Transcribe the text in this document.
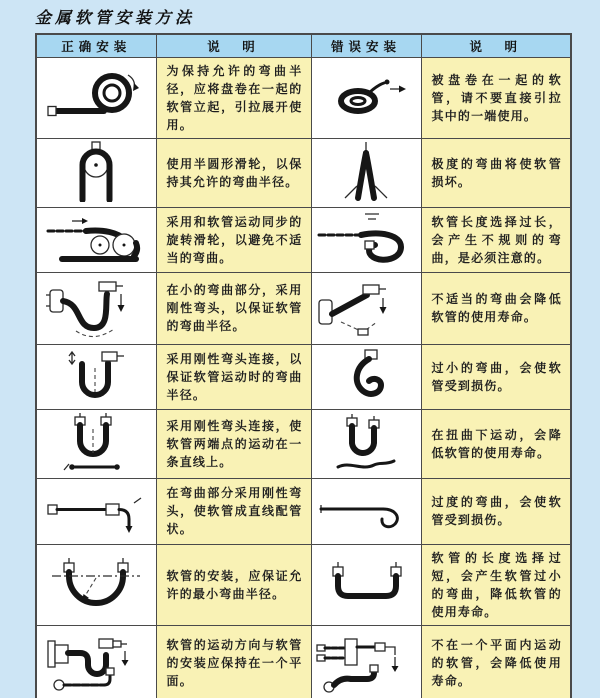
金属软管安装方法
正确安装	说　明	错误安装	说　明
	为保持允许的弯曲半径，应将盘卷在一起的软管立起，引拉展开使用。		被盘卷在一起的软管，请不要直接引拉其中的一端使用。
	使用半圆形滑轮，以保持其允许的弯曲半径。		极度的弯曲将使软管损坏。
	采用和软管运动同步的旋转滑轮，以避免不适当的弯曲。		软管长度选择过长，会产生不规则的弯曲，是必须注意的。
	在小的弯曲部分，采用刚性弯头，以保证软管的弯曲半径。		不适当的弯曲会降低软管的使用寿命。
	采用刚性弯头连接，以保证软管运动时的弯曲半径。		过小的弯曲，会使软管受到损伤。
	采用刚性弯头连接，使软管两端点的运动在一条直线上。		在扭曲下运动，会降低软管的使用寿命。
	在弯曲部分采用刚性弯头，使软管成直线配管状。		过度的弯曲，会使软管受到损伤。
	软管的安装，应保证允许的最小弯曲半径。		软管的长度选择过短，会产生软管过小的弯曲，降低软管的使用寿命。
	软管的运动方向与软管的安装应保持在一个平面。		不在一个平面内运动的软管，会降低使用寿命。
